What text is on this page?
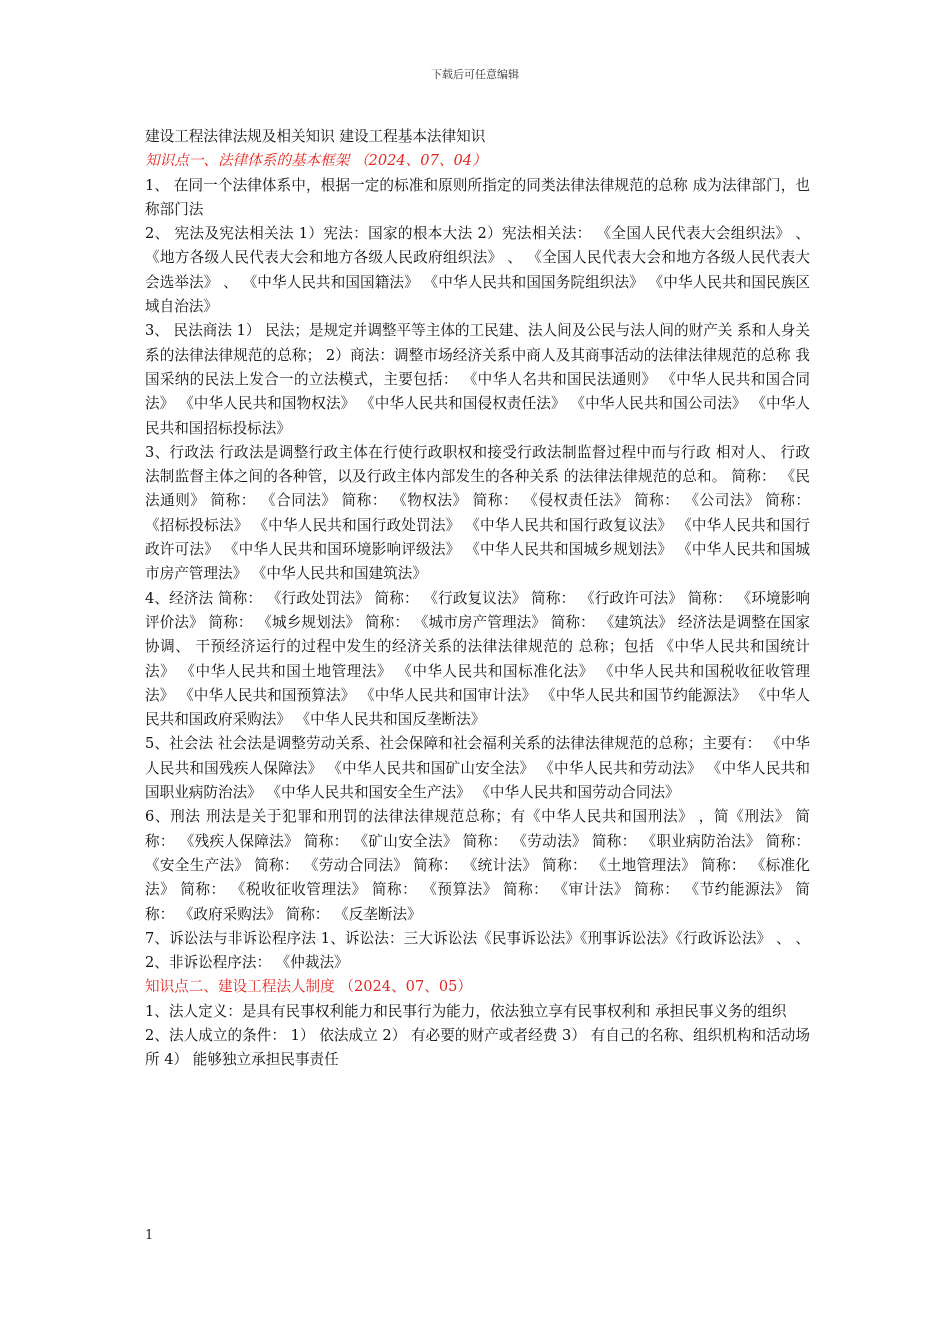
下载后可任意编辑

建设工程法律法规及相关知识 建设工程基本法律知识

知识点一、法律体系的基本框架 （2024、07、04）

1、 在同一个法律体系中，根据一定的标准和原则所指定的同类法律法律规范的总称 成为法律部门，也称部门法

2、 宪法及宪法相关法 1）宪法：国家的根本大法 2）宪法相关法： 《全国人民代表大会组织法》 、 《地方各级人民代表大会和地方各级人民政府组织法》 、 《全国人民代表大会和地方各级人民代表大会选举法》 、 《中华人民共和国国籍法》 《中华人民共和国国务院组织法》 《中华人民共和国民族区域自治法》

3、 民法商法 1） 民法；是规定并调整平等主体的工民建、法人间及公民与法人间的财产关 系和人身关系的法律法律规范的总称； 2）商法：调整市场经济关系中商人及其商事活动的法律法律规范的总称 我国采纳的民法上发合一的立法模式，主要包括： 《中华人名共和国民法通则》 《中华人民共和国合同法》 《中华人民共和国物权法》 《中华人民共和国侵权责任法》 《中华人民共和国公司法》 《中华人民共和国招标投标法》

3、行政法 行政法是调整行政主体在行使行政职权和接受行政法制监督过程中而与行政 相对人、 行政法制监督主体之间的各种管，以及行政主体内部发生的各种关系 的法律法律规范的总和。 简称： 《民法通则》 简称： 《合同法》 简称： 《物权法》 简称： 《侵权责任法》 简称： 《公司法》 简称： 《招标投标法》 《中华人民共和国行政处罚法》 《中华人民共和国行政复议法》 《中华人民共和国行政许可法》 《中华人民共和国环境影响评级法》 《中华人民共和国城乡规划法》 《中华人民共和国城市房产管理法》 《中华人民共和国建筑法》

4、经济法 简称： 《行政处罚法》 简称： 《行政复议法》 简称： 《行政许可法》 简称： 《环境影响评价法》 简称： 《城乡规划法》 简称： 《城市房产管理法》 简称： 《建筑法》 经济法是调整在国家协调、 干预经济运行的过程中发生的经济关系的法律法律规范的 总称；包括 《中华人民共和国统计法》 《中华人民共和国土地管理法》 《中华人民共和国标准化法》 《中华人民共和国税收征收管理法》 《中华人民共和国预算法》 《中华人民共和国审计法》 《中华人民共和国节约能源法》 《中华人民共和国政府采购法》 《中华人民共和国反垄断法》

5、社会法 社会法是调整劳动关系、社会保障和社会福利关系的法律法律规范的总称；主要有： 《中华人民共和国残疾人保障法》 《中华人民共和国矿山安全法》 《中华人民共和劳动法》 《中华人民共和国职业病防治法》 《中华人民共和国安全生产法》 《中华人民共和国劳动合同法》

6、刑法 刑法是关于犯罪和刑罚的法律法律规范总称；有《中华人民共和国刑法》 ，简《刑法》 简称： 《残疾人保障法》 简称： 《矿山安全法》 简称： 《劳动法》 简称： 《职业病防治法》 简称： 《安全生产法》 简称： 《劳动合同法》 简称： 《统计法》 简称： 《土地管理法》 简称： 《标准化法》 简称： 《税收征收管理法》 简称： 《预算法》 简称： 《审计法》 简称： 《节约能源法》 简称： 《政府采购法》 简称： 《反垄断法》

7、诉讼法与非诉讼程序法 1、诉讼法：三大诉讼法《民事诉讼法》《刑事诉讼法》《行政诉讼法》 、 、 2、非诉讼程序法： 《仲裁法》

知识点二、建设工程法人制度 （2024、07、05）

1、法人定义：是具有民事权利能力和民事行为能力，依法独立享有民事权利和 承担民事义务的组织

2、法人成立的条件： 1） 依法成立 2） 有必要的财产或者经费 3） 有自己的名称、组织机构和活动场所 4） 能够独立承担民事责任

1
